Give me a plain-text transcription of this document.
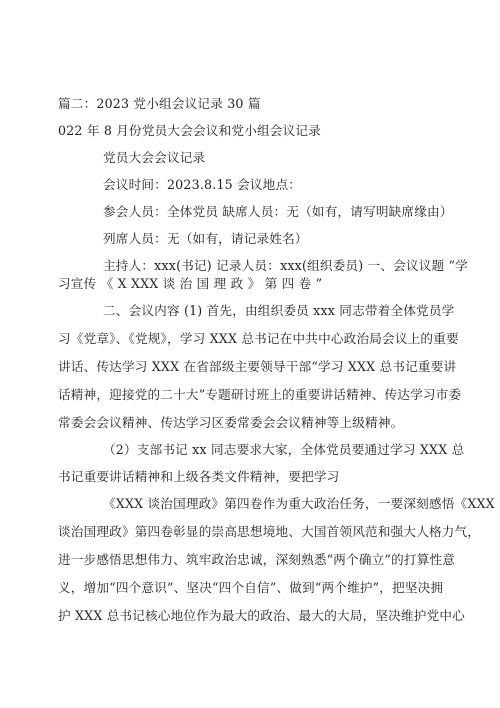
篇二：2023 党小组会议记录 30 篇
022 年 8 月份党员大会会议和党小组会议记录
党员大会会议记录
会议时间：2023.8.15 会议地点：
参会人员：全体党员 缺席人员：无（如有，请写明缺席缘由）
列席人员：无（如有，请记录姓名）
主持人：xxx(书记) 记录人员：xxx(组织委员) 一、会议议题 “学
习宣传 《 X XXX 谈 治 国 理 政 》 第 四 卷 ”
二、会议内容 (1) 首先，由组织委员 xxx 同志带着全体党员学
习《党章》、《党规》，学习 XXX 总书记在中共中心政治局会议上的重要
讲话、传达学习 XXX 在省部级主要领导干部“学习 XXX 总书记重要讲
话精神，迎接党的二十大”专题研讨班上的重要讲话精神、传达学习市委
常委会会议精神、传达学习区委常委会会议精神等上级精神。
（2）支部书记 xx 同志要求大家，全体党员要通过学习 XXX 总
书记重要讲话精神和上级各类文件精神，要把学习
《XXX 谈治国理政》第四卷作为重大政治任务，一要深刻感悟《XXX
谈治国理政》第四卷彰显的崇高思想境地、大国首领风范和强大人格力气，
进一步感悟思想伟力、筑牢政治忠诚，深刻熟悉“两个确立”的打算性意
义，增加“四个意识”、坚决“四个自信”、做到“两个维护”，把坚决拥
护 XXX 总书记核心地位作为最大的政治、最大的大局，坚决维护党中心
